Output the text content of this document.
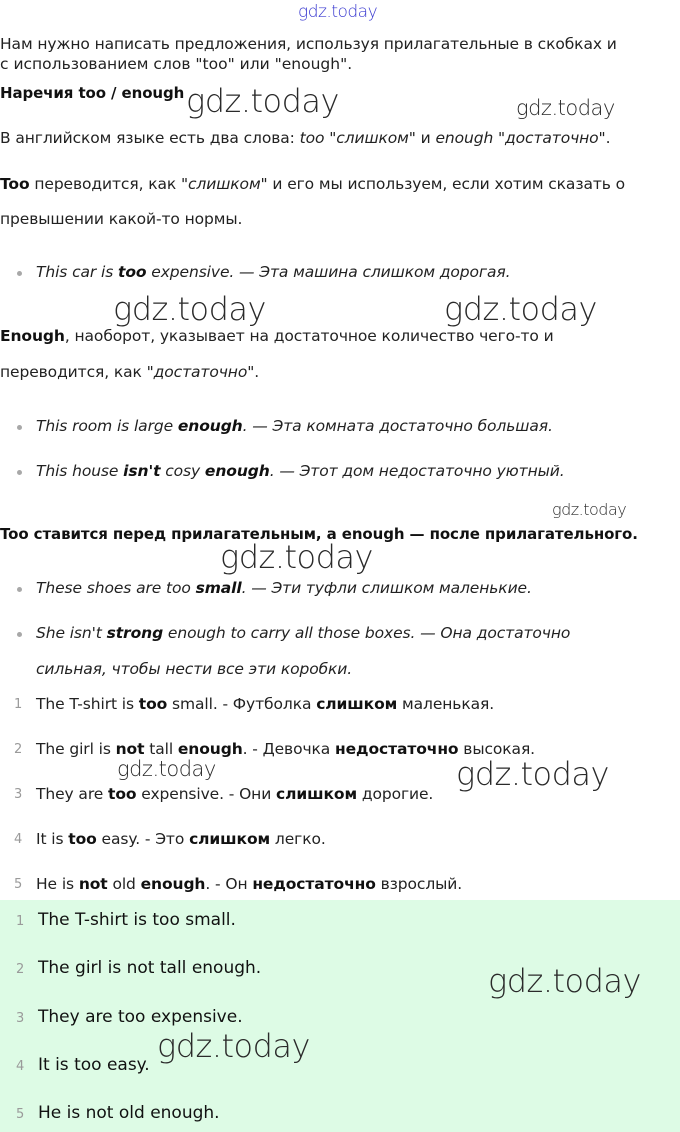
gdz.today
Нам нужно написать предложения, используя прилагательные в скобках и
с использованием слов "too" или "enough".
Наречия too / enough gdz.today	gdz.today
В английском языке есть два слова: too "слишком" и enough "достаточно".
Too переводится, как "слишком" и его мы используем, если хотим сказать о
превышении какой-то нормы.
This car is too expensive. — Эта машина слишком дорогая.
gdz.today	gdz.today
Enough, наоборот, указывает на достаточное количество чего-то и
переводится, как "достаточно".
This room is large enough. — Эта комната достаточно большая.
This house isn't cosy enough. — Этот дом недостаточно уютный.
gdz.today
Too ставится перед прилагательным, а enough — после прилагательного.
gdz.today
These shoes are too small. — Эти туфли слишком маленькие.
She isn't strong enough to carry all those boxes. — Она достаточно
сильная, чтобы нести все эти коробки.
1 The T-shirt is too small. - Футболка слишком маленькая.
2 The girl is not tall enough. - Девочка недостаточно высокая.
gdz.today	gdz.today
3 They are too expensive. - Они слишком дорогие.
4 It is too easy. - Это слишком легко.
5 He is not old enough. - Он недостаточно взрослый.
1 The T-shirt is too small.
2 The girl is not tall enough.
3 They are too expensive.
4 It is too easy.
5 He is not old enough.
gdz.today
gdz.today
